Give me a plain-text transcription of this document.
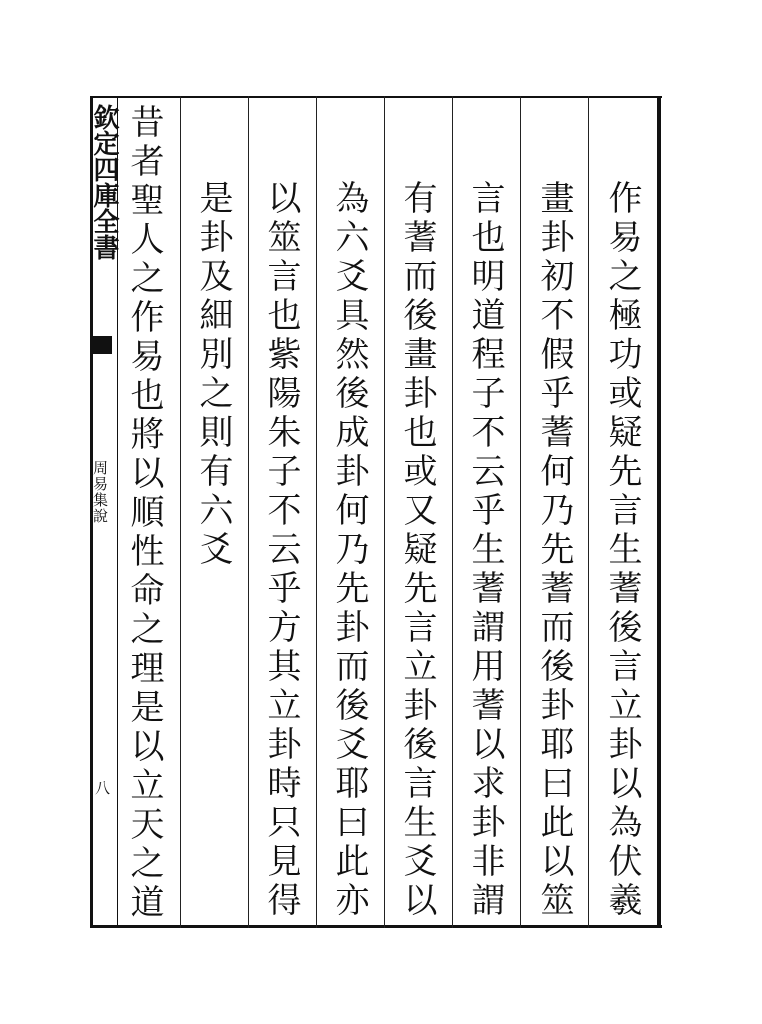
欽定四庫全書
周易集說
八	作易之極功或疑先言生蓍後言立卦以為伏羲
畫卦初不假乎蓍何乃先蓍而後卦耶曰此以筮
言也明道程子不云乎生蓍謂用蓍以求卦非謂
有蓍而後畫卦也或又疑先言立卦後言生爻以
為六爻具然後成卦何乃先卦而後爻耶曰此亦
以筮言也紫陽朱子不云乎方其立卦時只見得
是卦及細別之則有六爻
昔者聖人之作易也將以順性命之理是以立天之道
